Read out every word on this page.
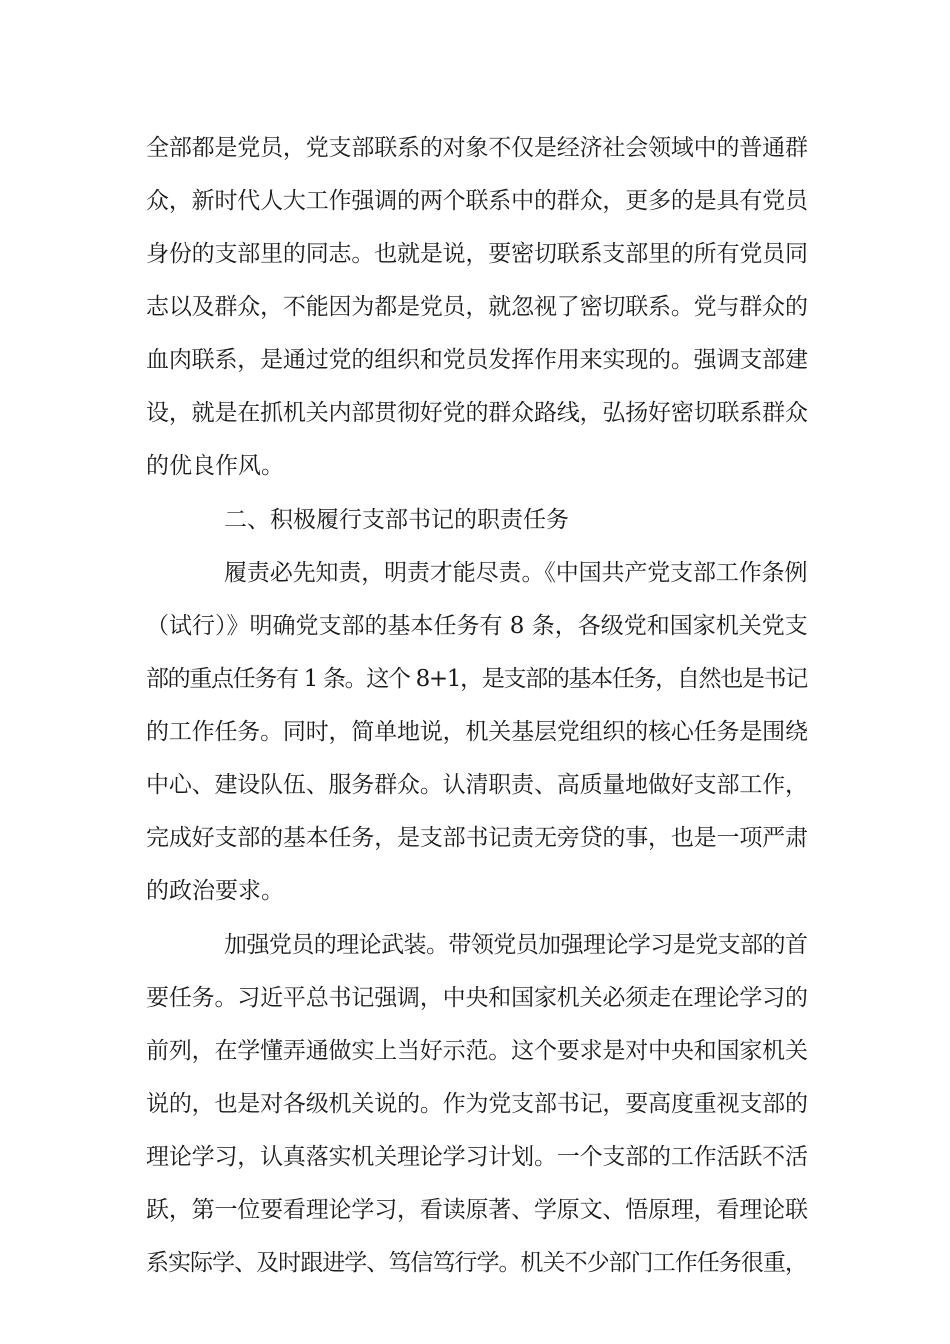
全部都是党员，党支部联系的对象不仅是经济社会领域中的普通群
众，新时代人大工作强调的两个联系中的群众，更多的是具有党员
身份的支部里的同志。也就是说，要密切联系支部里的所有党员同
志以及群众，不能因为都是党员，就忽视了密切联系。党与群众的
血肉联系，是通过党的组织和党员发挥作用来实现的。强调支部建
设，就是在抓机关内部贯彻好党的群众路线，弘扬好密切联系群众
的优良作风。
二、积极履行支部书记的职责任务
履责必先知责，明责才能尽责。《中国共产党支部工作条例
（试行）》明确党支部的基本任务有 8 条，各级党和国家机关党支
部的重点任务有 1 条。这个 8+1，是支部的基本任务，自然也是书记
的工作任务。同时，简单地说，机关基层党组织的核心任务是围绕
中心、建设队伍、服务群众。认清职责、高质量地做好支部工作，
完成好支部的基本任务，是支部书记责无旁贷的事，也是一项严肃
的政治要求。
加强党员的理论武装。带领党员加强理论学习是党支部的首
要任务。习近平总书记强调，中央和国家机关必须走在理论学习的
前列，在学懂弄通做实上当好示范。这个要求是对中央和国家机关
说的，也是对各级机关说的。作为党支部书记，要高度重视支部的
理论学习，认真落实机关理论学习计划。一个支部的工作活跃不活
跃，第一位要看理论学习，看读原著、学原文、悟原理，看理论联
系实际学、及时跟进学、笃信笃行学。机关不少部门工作任务很重，
